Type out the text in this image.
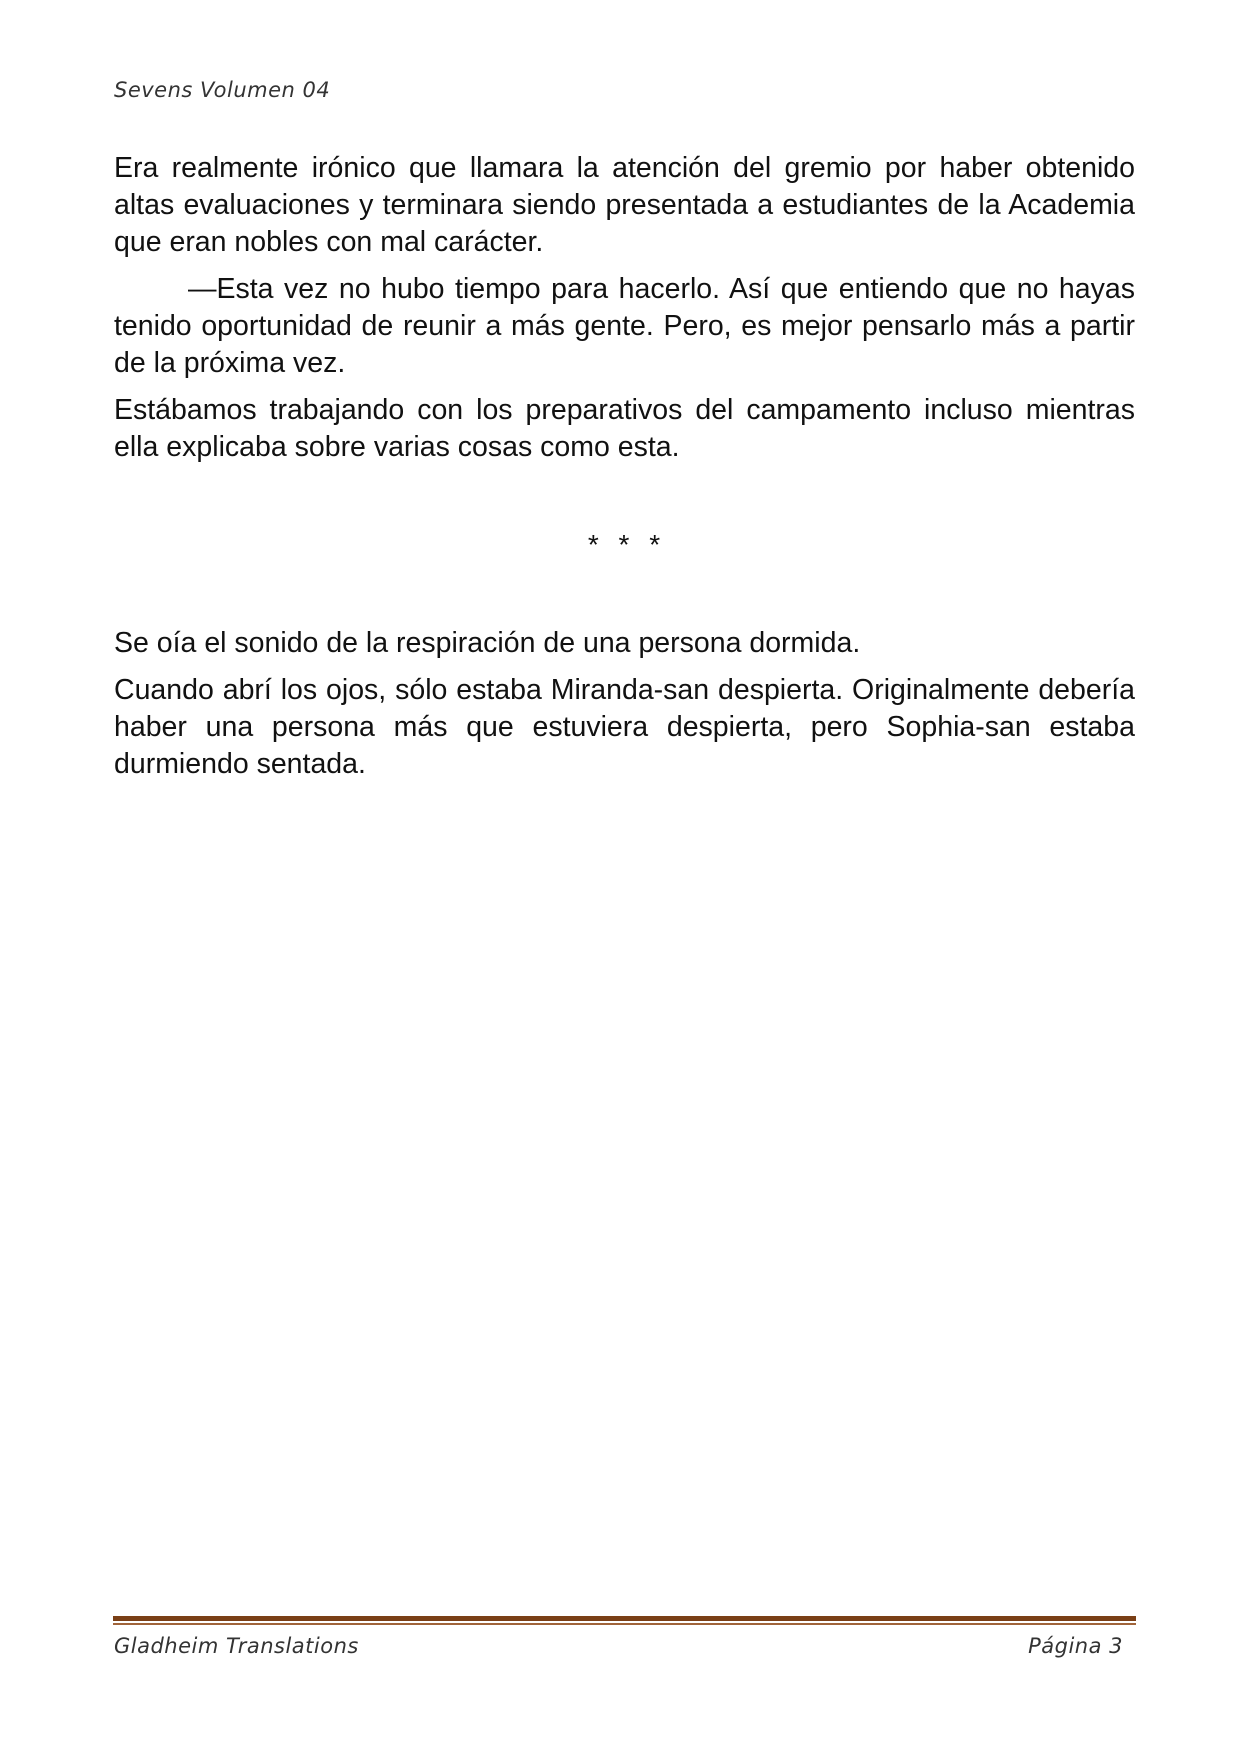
Sevens Volumen 04

Era realmente irónico que llamara la atención del gremio por haber obtenido altas evaluaciones y terminara siendo presentada a estudiantes de la Academia que eran nobles con mal carácter.

—Esta vez no hubo tiempo para hacerlo. Así que entiendo que no hayas tenido oportunidad de reunir a más gente. Pero, es mejor pensarlo más a partir de la próxima vez.

Estábamos trabajando con los preparativos del campamento incluso mientras ella explicaba sobre varias cosas como esta.

* * *

Se oía el sonido de la respiración de una persona dormida.

Cuando abrí los ojos, sólo estaba Miranda-san despierta. Originalmente debería haber una persona más que estuviera despierta, pero Sophia-san estaba durmiendo sentada.

Gladheim Translations	Página 3
